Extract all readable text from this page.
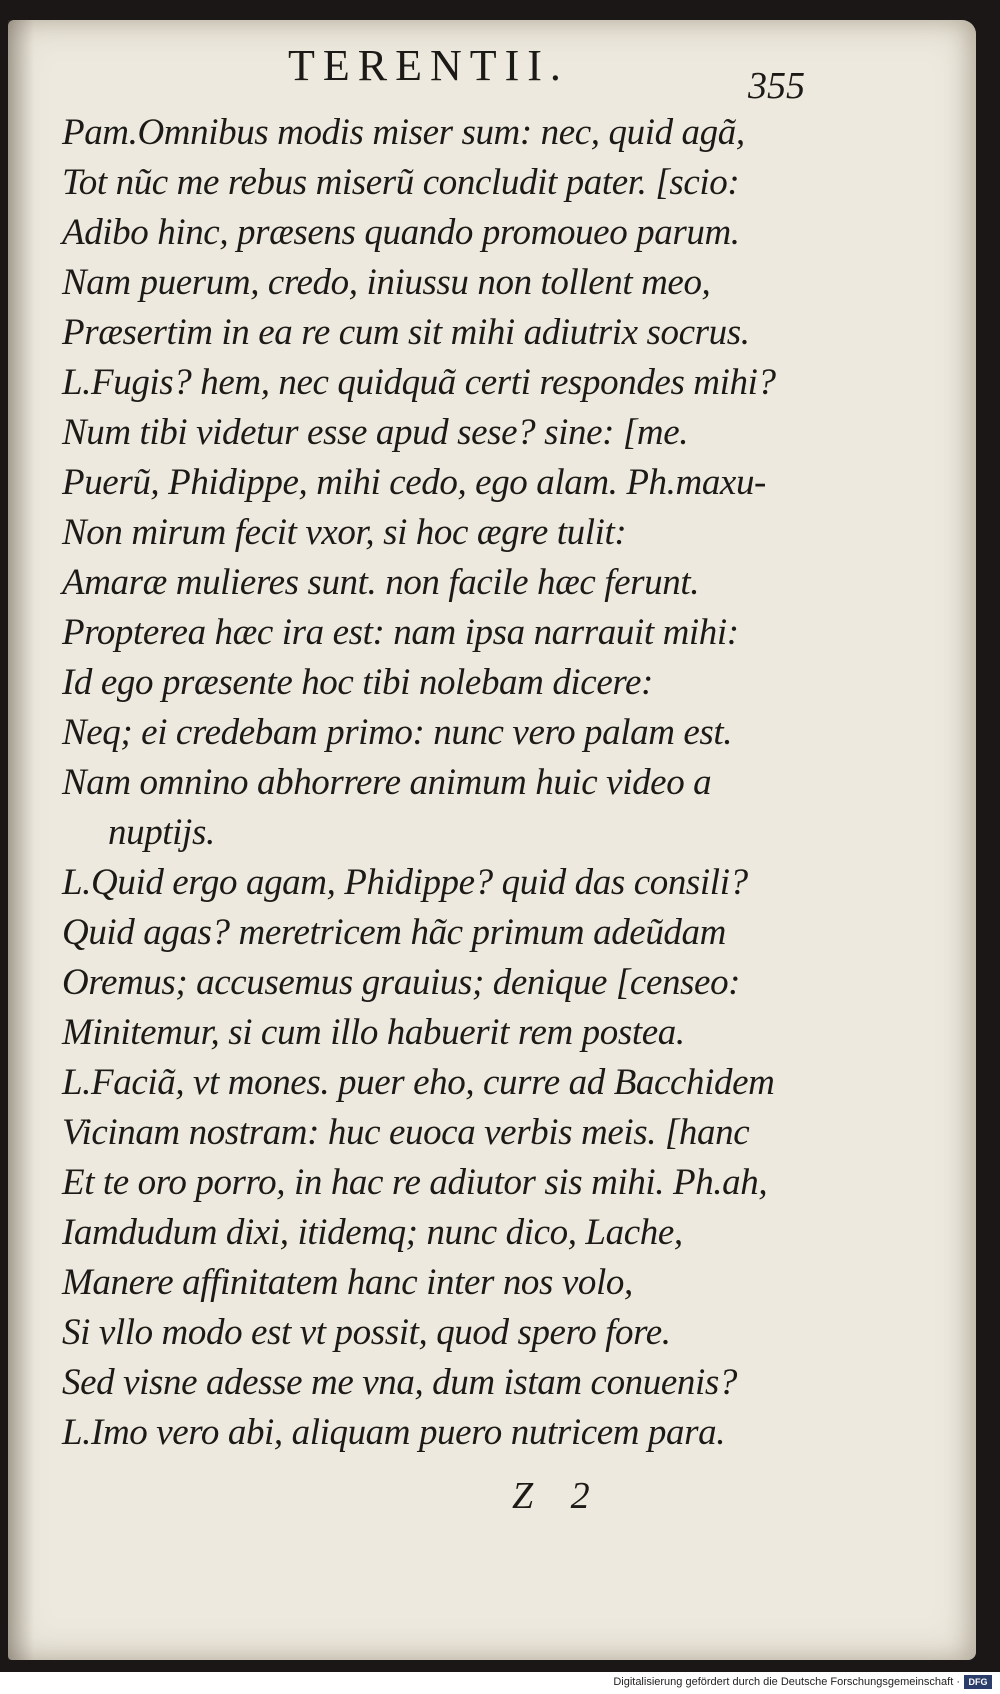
TERENTII.	355
Pam.Omnibus modis miser sum: nec, quid agã,
Tot nũc me rebus miserũ concludit pater. [scio:
Adibo hinc, præsens quando promoueo parum.
Nam puerum, credo, iniussu non tollent meo,
Præsertim in ea re cum sit mihi adiutrix socrus.
L.Fugis? hem, nec quidquã certi respondes mihi?
Num tibi videtur esse apud sese? sine: [me.
Puerũ, Phidippe, mihi cedo, ego alam. Ph.maxu-
Non mirum fecit vxor, si hoc ægre tulit:
Amaræ mulieres sunt. non facile hæc ferunt.
Propterea hæc ira est: nam ipsa narrauit mihi:
Id ego præsente hoc tibi nolebam dicere:
Neq; ei credebam primo: nunc vero palam est.
Nam omnino abhorrere animum huic video a
nuptijs.
L.Quid ergo agam, Phidippe? quid das consili?
Quid agas? meretricem hãc primum adeũdam
Oremus; accusemus grauius; denique [censeo:
Minitemur, si cum illo habuerit rem postea.
L.Faciã, vt mones. puer eho, curre ad Bacchidem
Vicinam nostram: huc euoca verbis meis. [hanc
Et te oro porro, in hac re adiutor sis mihi. Ph.ah,
Iamdudum dixi, itidemq; nunc dico, Lache,
Manere affinitatem hanc inter nos volo,
Si vllo modo est vt possit, quod spero fore.
Sed visne adesse me vna, dum istam conuenis?
L.Imo vero abi, aliquam puero nutricem para.
Z 2
Digitalisierung gefördert durch die Deutsche Forschungsgemeinschaft · DFG
